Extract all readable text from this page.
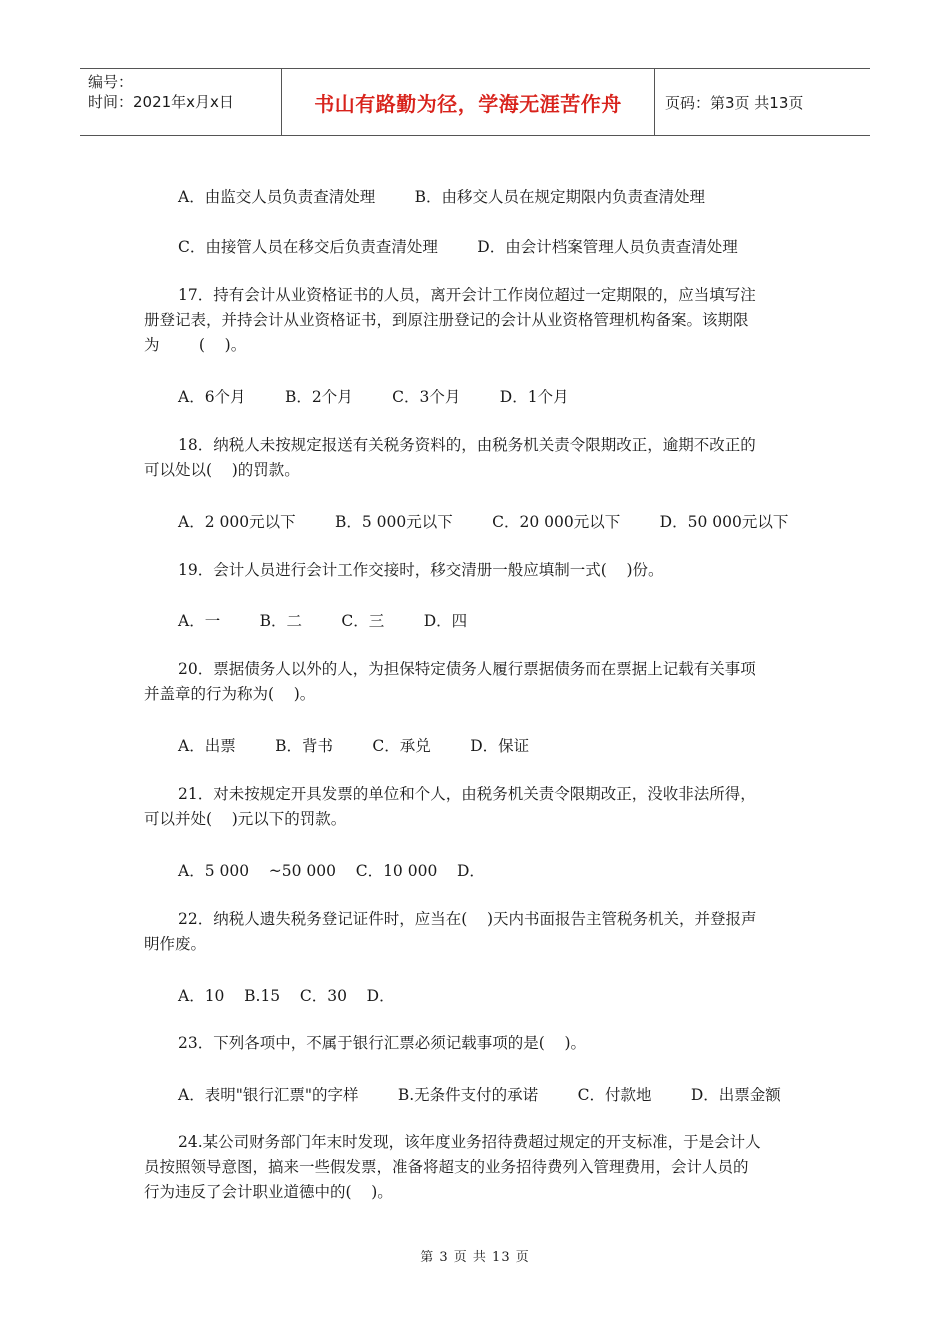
编号：
时间：2021年x月x日	书山有路勤为径，学海无涯苦作舟	页码：第3页 共13页
A．由监交人员负责查清处理        B．由移交人员在规定期限内负责查清处理
C．由接管人员在移交后负责查清处理        D．由会计档案管理人员负责查清处理

17．持有会计从业资格证书的人员，离开会计工作岗位超过一定期限的，应当填写注

册登记表，并持会计从业资格证书，到原注册登记的会计从业资格管理机构备案。该期限

为        (    )。

A．6个月        B．2个月        C．3个月        D．1个月

18．纳税人未按规定报送有关税务资料的，由税务机关责令限期改正，逾期不改正的

可以处以(    )的罚款。

A．2 000元以下        B．5 000元以下        C．20 000元以下        D．50 000元以下

19．会计人员进行会计工作交接时，移交清册一般应填制一式(    )份。

A．一        B．二        C．三        D．四

20．票据债务人以外的人，为担保特定债务人履行票据债务而在票据上记载有关事项

并盖章的行为称为(    )。

A．出票        B．背书        C．承兑        D．保证

21．对未按规定开具发票的单位和个人，由税务机关责令限期改正，没收非法所得，

可以并处(    )元以下的罚款。

A．5 000    ~50 000    C．10 000    D．

22．纳税人遗失税务登记证件时，应当在(    )天内书面报告主管税务机关，并登报声

明作废。

A．10    B.15    C．30    D．

23．下列各项中，不属于银行汇票必须记载事项的是(    )。

A．表明"银行汇票"的字样        B.无条件支付的承诺        C．付款地        D．出票金额

24.某公司财务部门年末时发现，该年度业务招待费超过规定的开支标准，于是会计人

员按照领导意图，搞来一些假发票，准备将超支的业务招待费列入管理费用，会计人员的

行为违反了会计职业道德中的(    )。

第 3 页 共 13 页
